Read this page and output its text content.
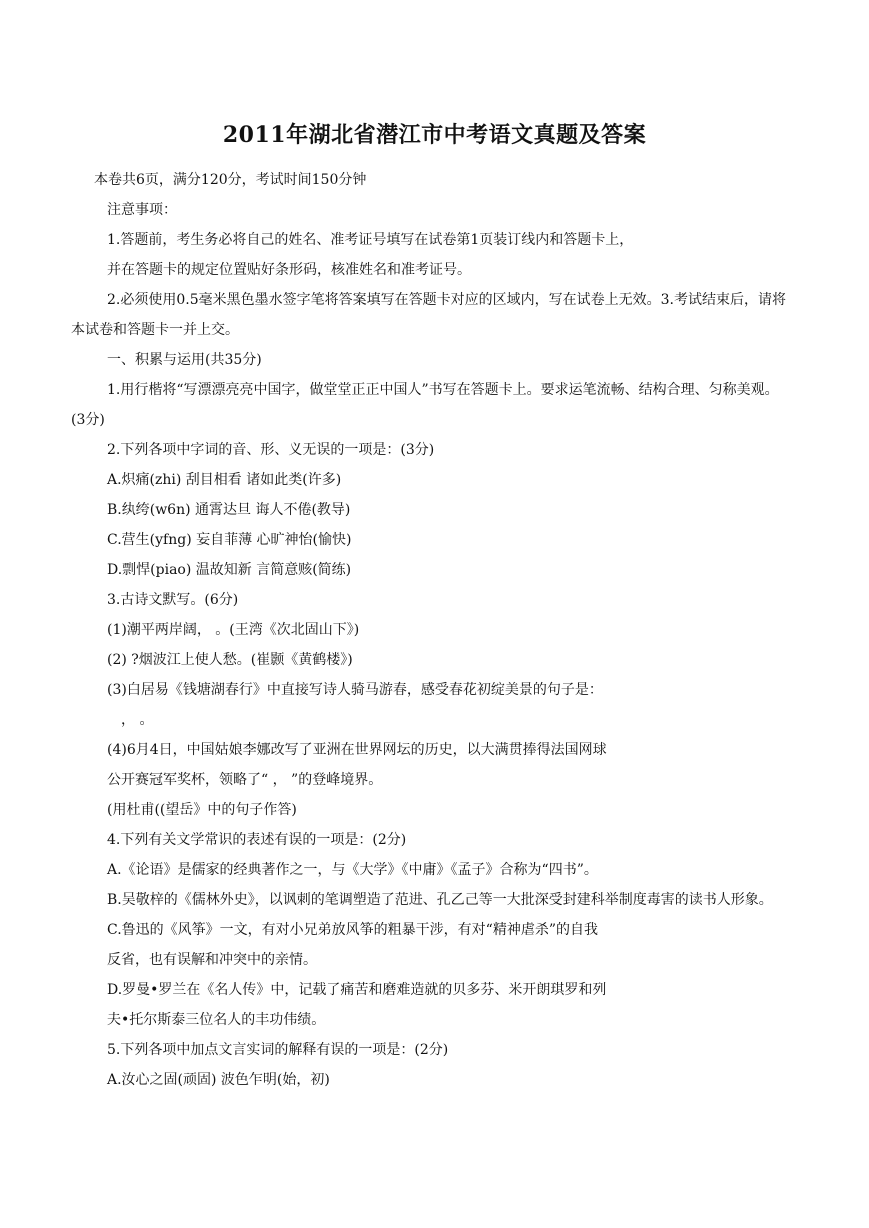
2011年湖北省潜江市中考语文真题及答案

本卷共6页，满分120分，考试时间150分钟

注意事项：

1.答题前，考生务必将自己的姓名、准考证号填写在试卷第1页装订线内和答题卡上，

并在答题卡的规定位置贴好条形码，核准姓名和准考证号。

2.必须使用0.5毫米黑色墨水签字笔将答案填写在答题卡对应的区域内，写在试卷上无效。3.考试结束后，请将本试卷和答题卡一并上交。

一、积累与运用(共35分)

1.用行楷将“写漂漂亮亮中国字，做堂堂正正中国人”书写在答题卡上。要求运笔流畅、结构合理、匀称美观。(3分)

2.下列各项中字词的音、形、义无误的一项是：(3分)

A.炽痛(zhi) 刮目相看 诸如此类(许多)

B.纨绔(w6n) 通霄达旦 诲人不倦(教导)

C.营生(yfng) 妄自菲薄 心旷神怡(愉快)

D.剽悍(piao) 温故知新 言简意赅(简练)

3.古诗文默写。(6分)

(1)潮平两岸阔， 。(王湾《次北固山下》)

(2) ?烟波江上使人愁。(崔颢《黄鹤楼》)

(3)白居易《钱塘湖春行》中直接写诗人骑马游春，感受春花初绽美景的句子是：

， 。

(4)6月4日，中国姑娘李娜改写了亚洲在世界网坛的历史，以大满贯捧得法国网球

公开赛冠军奖杯，领略了“ ， ”的登峰境界。

(用杜甫((望岳》中的句子作答)

4.下列有关文学常识的表述有误的一项是：(2分)

A.《论语》是儒家的经典著作之一，与《大学》《中庸》《孟子》合称为“四书”。

B.吴敬梓的《儒林外史》，以讽刺的笔调塑造了范进、孔乙己等一大批深受封建科举制度毒害的读书人形象。

C.鲁迅的《风筝》一文，有对小兄弟放风筝的粗暴干涉，有对“精神虐杀”的自我

反省，也有误解和冲突中的亲情。

D.罗曼•罗兰在《名人传》中，记载了痛苦和磨难造就的贝多芬、米开朗琪罗和列

夫•托尔斯泰三位名人的丰功伟绩。

5.下列各项中加点文言实词的解释有误的一项是：(2分)

A.汝心之固(顽固) 波色乍明(始，初)
